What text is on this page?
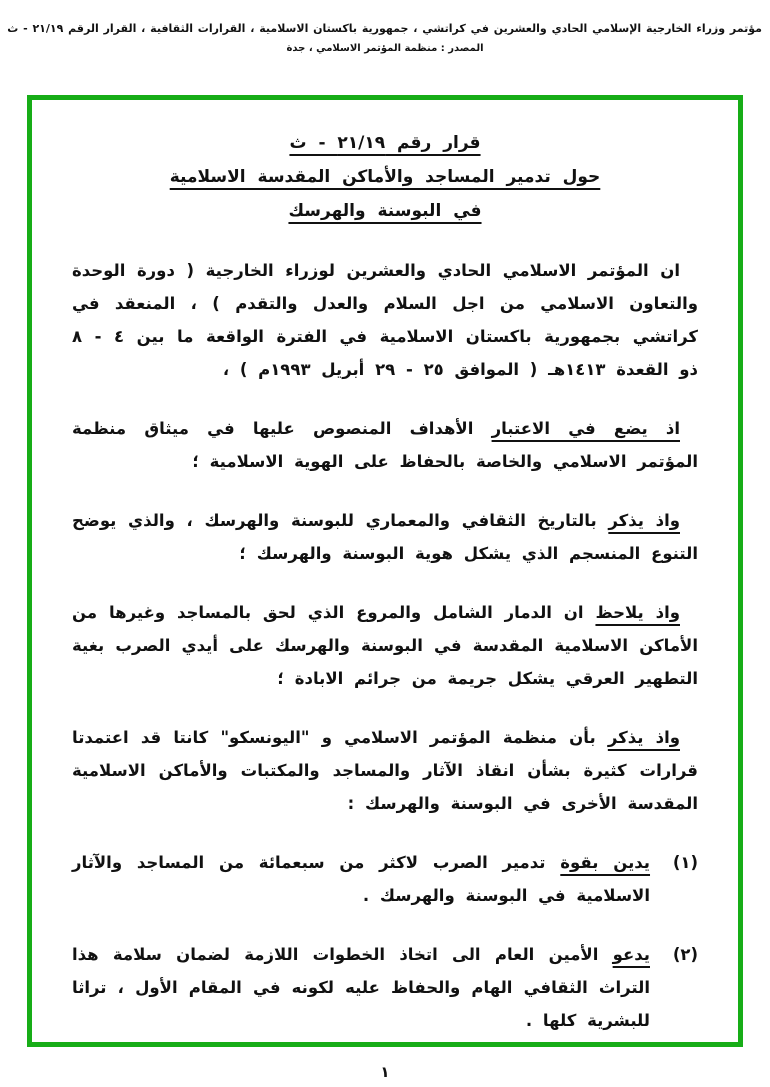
مؤتمر وزراء الخارجية الإسلامي الحادي والعشرين في كراتشي ، جمهورية باكستان الاسلامية ، القرارات الثقافية ، القرار الرقم ٢١/١٩ - ث
المصدر : منظمة المؤتمر الاسلامي ، جدة
قرار رقم ٢١/١٩ - ث
حول تدمير المساجد والأماكن المقدسة الاسلامية
في البوسنة والهرسك

ان المؤتمر الاسلامي الحادي والعشرين لوزراء الخارجية ( دورة الوحدة والتعاون الاسلامي من اجل السلام والعدل والتقدم ) ، المنعقد في كراتشي بجمهورية باكستان الاسلامية في الفترة الواقعة ما بين ٤ - ٨ ذو القعدة ١٤١٣هـ ( الموافق ٢٥ - ٢٩ أبريل ١٩٩٣م ) ،

اذ يضع في الاعتبار الأهداف المنصوص عليها في ميثاق منظمة المؤتمر الاسلامي والخاصة بالحفاظ على الهوية الاسلامية ؛

واذ يذكر بالتاريخ الثقافي والمعماري للبوسنة والهرسك ، والذي يوضح التنوع المنسجم الذي يشكل هوية البوسنة والهرسك ؛

واذ يلاحظ ان الدمار الشامل والمروع الذي لحق بالمساجد وغيرها من الأماكن الاسلامية المقدسة في البوسنة والهرسك على أيدي الصرب بغية التطهير العرقي يشكل جريمة من جرائم الابادة ؛

واذ يذكر بأن منظمة المؤتمر الاسلامي و "اليونسكو" كانتا قد اعتمدتا قرارات كثيرة بشأن انقاذ الآثار والمساجد والمكتبات والأماكن الاسلامية المقدسة الأخرى في البوسنة والهرسك :

(١)

يدين بقوة تدمير الصرب لاكثر من سبعمائة من المساجد والآثار الاسلامية في البوسنة والهرسك .

(٢)

يدعو الأمين العام الى اتخاذ الخطوات اللازمة لضمان سلامة هذا التراث الثقافي الهام والحفاظ عليه لكونه في المقام الأول ، تراثا للبشرية كلها .

١
